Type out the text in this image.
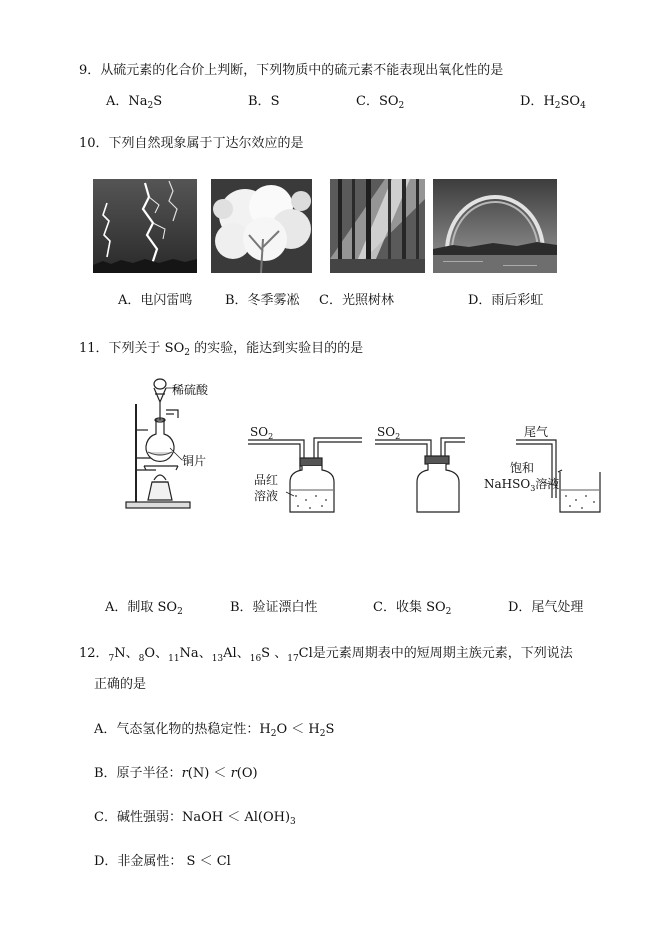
9．从硫元素的化合价上判断，下列物质中的硫元素不能表现出氧化性的是
A．$Na_2S$	B．S	C．$SO_2$	D．$H_2SO_4$
10．下列自然现象属于丁达尔效应的是
A．电闪雷鸣	B．冬季雾凇 C．光照树林	D．雨后彩虹
11．下列关于 $SO_2$ 的实验，能达到实验目的的是
稀硫酸
铜片
$SO_2$
品红
溶液
$SO_2$	尾气
饱和
NaHSO$_3$溶液
A．制取 $SO_2$	B．验证漂白性	C．收集 $SO_2$	D．尾气处理
12．$_7$N、$_8$O、$_{11}$Na、$_{13}$Al、$_{16}$S 、$_{17}$Cl是元素周期表中的短周期主族元素，下列说法
正确的是
A．气态氢化物的热稳定性：$H_2O < H_2S$
B．原子半径：r(N) ＜ r(O)
C．碱性强弱：NaOH ＜ $Al(OH)_3$
D．非金属性： S ＜ Cl
